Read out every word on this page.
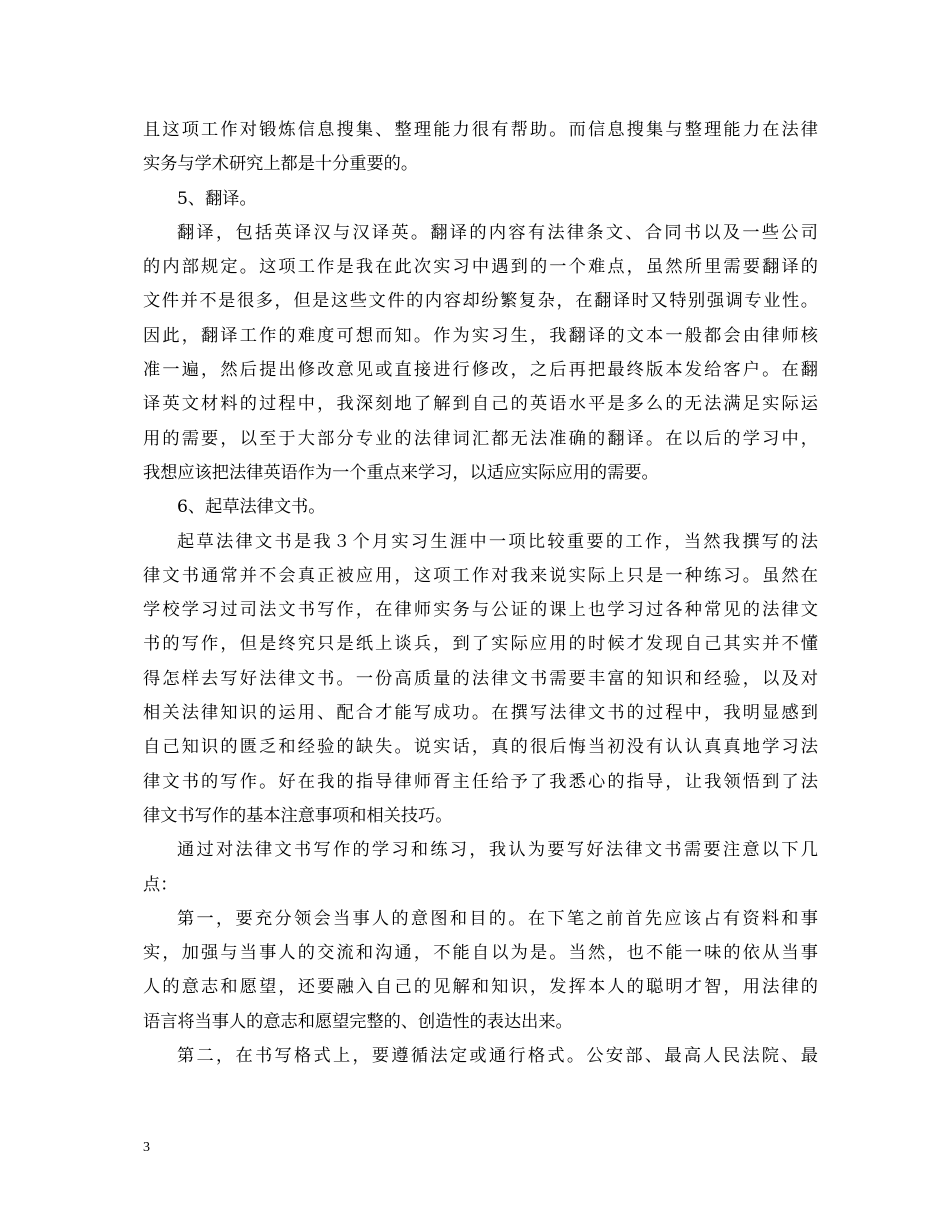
且这项工作对锻炼信息搜集、整理能力很有帮助。而信息搜集与整理能力在法律
实务与学术研究上都是十分重要的。
5、翻译。
翻译，包括英译汉与汉译英。翻译的内容有法律条文、合同书以及一些公司
的内部规定。这项工作是我在此次实习中遇到的一个难点，虽然所里需要翻译的
文件并不是很多，但是这些文件的内容却纷繁复杂，在翻译时又特别强调专业性。
因此，翻译工作的难度可想而知。作为实习生，我翻译的文本一般都会由律师核
准一遍，然后提出修改意见或直接进行修改，之后再把最终版本发给客户。在翻
译英文材料的过程中，我深刻地了解到自己的英语水平是多么的无法满足实际运
用的需要，以至于大部分专业的法律词汇都无法准确的翻译。在以后的学习中，
我想应该把法律英语作为一个重点来学习，以适应实际应用的需要。
6、起草法律文书。
起草法律文书是我３个月实习生涯中一项比较重要的工作，当然我撰写的法
律文书通常并不会真正被应用，这项工作对我来说实际上只是一种练习。虽然在
学校学习过司法文书写作，在律师实务与公证的课上也学习过各种常见的法律文
书的写作，但是终究只是纸上谈兵，到了实际应用的时候才发现自己其实并不懂
得怎样去写好法律文书。一份高质量的法律文书需要丰富的知识和经验，以及对
相关法律知识的运用、配合才能写成功。在撰写法律文书的过程中，我明显感到
自己知识的匮乏和经验的缺失。说实话，真的很后悔当初没有认认真真地学习法
律文书的写作。好在我的指导律师胥主任给予了我悉心的指导，让我领悟到了法
律文书写作的基本注意事项和相关技巧。
通过对法律文书写作的学习和练习，我认为要写好法律文书需要注意以下几
点：
第一，要充分领会当事人的意图和目的。在下笔之前首先应该占有资料和事
实，加强与当事人的交流和沟通，不能自以为是。当然，也不能一味的依从当事
人的意志和愿望，还要融入自己的见解和知识，发挥本人的聪明才智，用法律的
语言将当事人的意志和愿望完整的、创造性的表达出来。
第二，在书写格式上，要遵循法定或通行格式。公安部、最高人民法院、最
3
